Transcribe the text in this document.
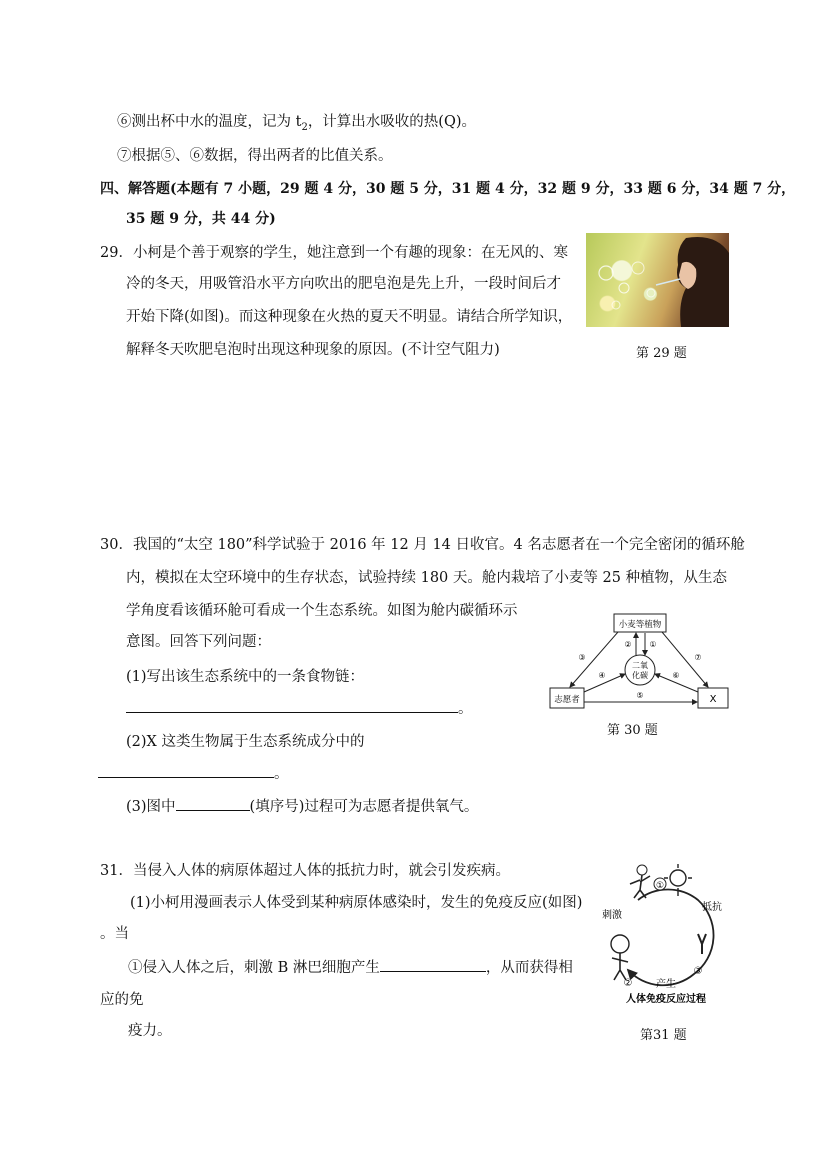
⑥测出杯中水的温度，记为 $t_2$，计算出水吸收的热(Q)。
⑦根据⑤、⑥数据，得出两者的比值关系。
四、解答题(本题有 7 小题，29 题 4 分，30 题 5 分，31 题 4 分，32 题 9 分，33 题 6 分，34 题 7 分，
35 题 9 分，共 44 分)
29．小柯是个善于观察的学生，她注意到一个有趣的现象：在无风的、寒
冷的冬天，用吸管沿水平方向吹出的肥皂泡是先上升，一段时间后才
开始下降(如图)。而这种现象在火热的夏天不明显。请结合所学知识，
解释冬天吹肥皂泡时出现这种现象的原因。(不计空气阻力)	第 29 题
30．我国的“太空 180”科学试验于 2016 年 12 月 14 日收官。4 名志愿者在一个完全密闭的循环舱
内，模拟在太空环境中的生存状态，试验持续 180 天。舱内栽培了小麦等 25 种植物，从生态
学角度看该循环舱可看成一个生态系统。如图为舱内碳循环示
意图。回答下列问题：
(1)写出该生态系统中的一条食物链：
。
(2)X 这类生物属于生态系统成分中的
。
(3)图中	(填序号)过程可为志愿者提供氧气。
小麦等植物
志愿者	X
二氧
化碳
③	⑦
② ①
④	⑥
⑤
第 30 题
31．当侵入人体的病原体超过人体的抵抗力时，就会引发疾病。
(1)小柯用漫画表示人体受到某种病原体感染时，发生的免疫反应(如图)
。当
①侵入人体之后，刺激 B 淋巴细胞产生	，从而获得相
应的免
疫力。
①
刺激
抵抗
② 产生
③
人体免疫反应过程
第31 题
